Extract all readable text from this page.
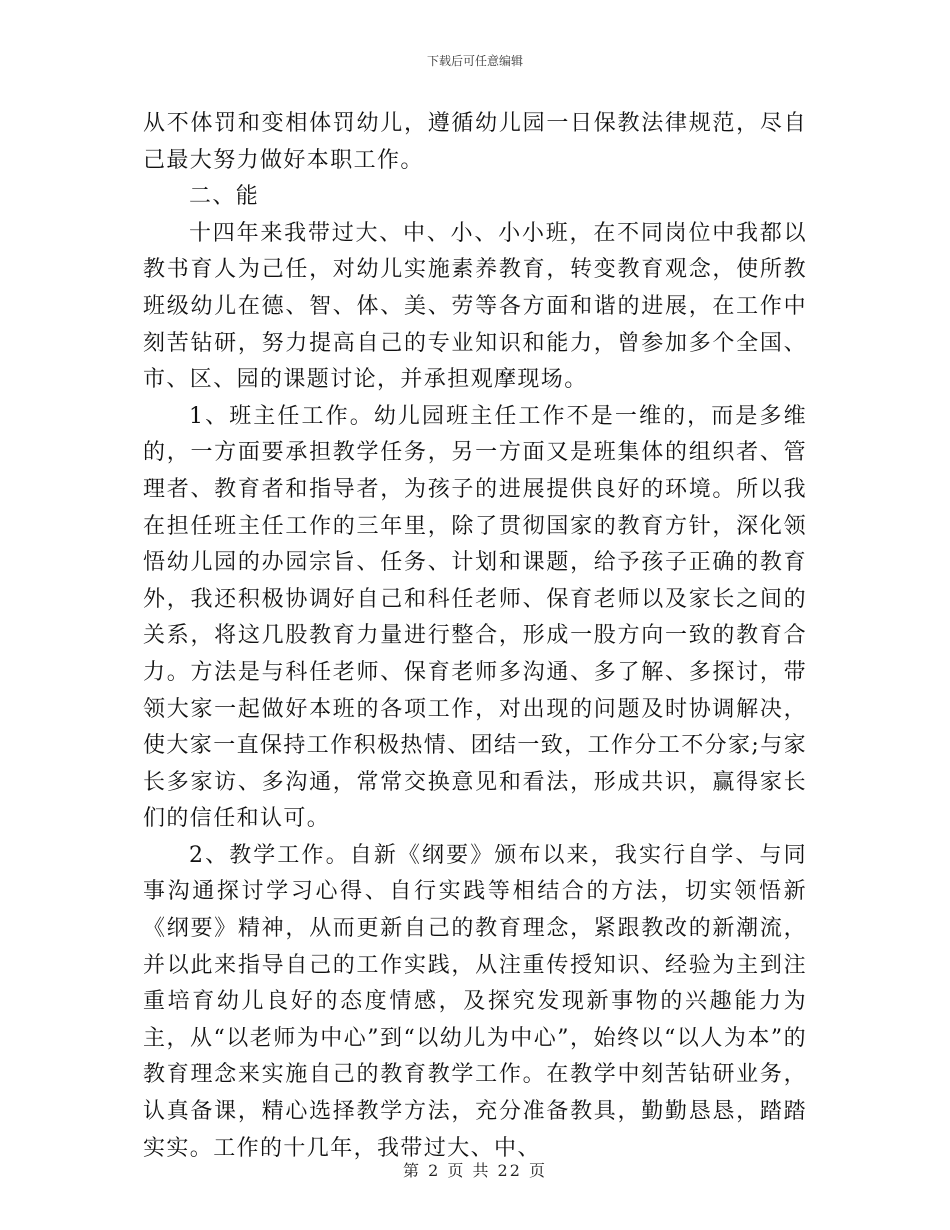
下载后可任意编辑

从不体罚和变相体罚幼儿，遵循幼儿园一日保教法律规范，尽自己最大努力做好本职工作。

二、能

十四年来我带过大、中、小、小小班，在不同岗位中我都以教书育人为己任，对幼儿实施素养教育，转变教育观念，使所教班级幼儿在德、智、体、美、劳等各方面和谐的进展，在工作中刻苦钻研，努力提高自己的专业知识和能力，曾参加多个全国、市、区、园的课题讨论，并承担观摩现场。

1、班主任工作。幼儿园班主任工作不是一维的，而是多维的，一方面要承担教学任务，另一方面又是班集体的组织者、管理者、教育者和指导者，为孩子的进展提供良好的环境。所以我在担任班主任工作的三年里，除了贯彻国家的教育方针，深化领悟幼儿园的办园宗旨、任务、计划和课题，给予孩子正确的教育外，我还积极协调好自己和科任老师、保育老师以及家长之间的关系，将这几股教育力量进行整合，形成一股方向一致的教育合力。方法是与科任老师、保育老师多沟通、多了解、多探讨，带领大家一起做好本班的各项工作，对出现的问题及时协调解决，使大家一直保持工作积极热情、团结一致，工作分工不分家;与家长多家访、多沟通，常常交换意见和看法，形成共识，赢得家长们的信任和认可。

2、教学工作。自新《纲要》颁布以来，我实行自学、与同事沟通探讨学习心得、自行实践等相结合的方法，切实领悟新《纲要》精神，从而更新自己的教育理念，紧跟教改的新潮流，并以此来指导自己的工作实践，从注重传授知识、经验为主到注重培育幼儿良好的态度情感，及探究发现新事物的兴趣能力为主，从“以老师为中心”到“以幼儿为中心”，始终以“以人为本”的教育理念来实施自己的教育教学工作。在教学中刻苦钻研业务，认真备课，精心选择教学方法，充分准备教具，勤勤恳恳，踏踏实实。工作的十几年，我带过大、中、

第 2 页 共 22 页
